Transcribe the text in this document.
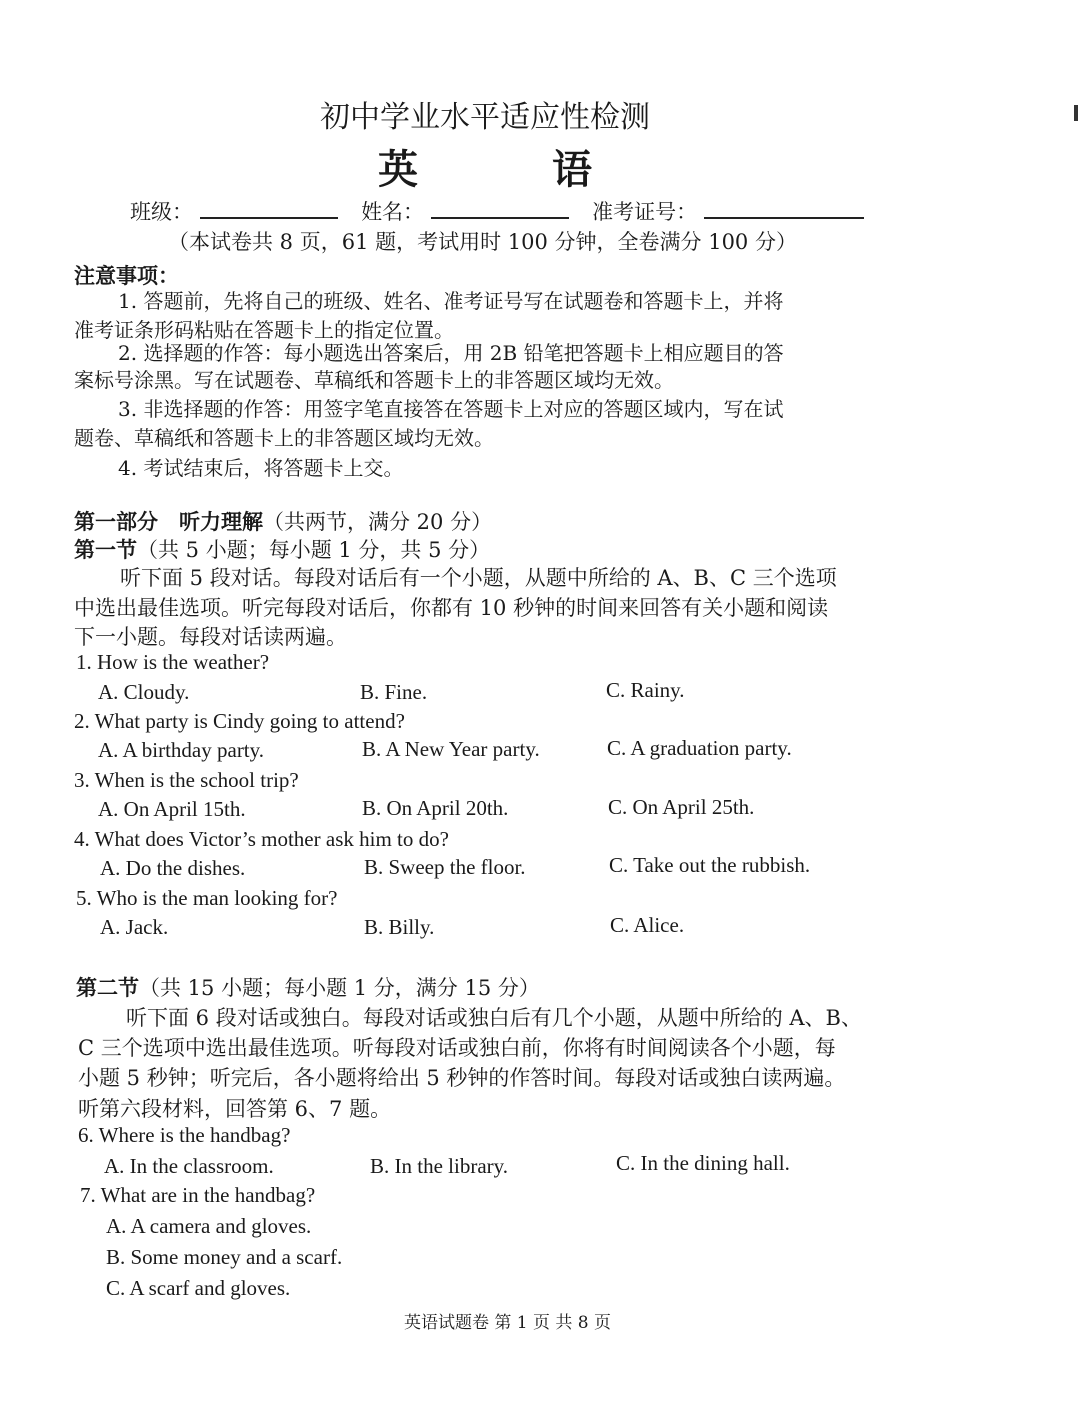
初中学业水平适应性检测
英 语
班级：	姓名：	准考证号：
（本试卷共 8 页，61 题，考试用时 100 分钟，全卷满分 100 分）
注意事项：
1. 答题前，先将自己的班级、姓名、准考证号写在试题卷和答题卡上，并将
准考证条形码粘贴在答题卡上的指定位置。
2. 选择题的作答：每小题选出答案后，用 2B 铅笔把答题卡上相应题目的答
案标号涂黑。写在试题卷、草稿纸和答题卡上的非答题区域均无效。
3. 非选择题的作答：用签字笔直接答在答题卡上对应的答题区域内，写在试
题卷、草稿纸和答题卡上的非答题区域均无效。
4. 考试结束后，将答题卡上交。
第一部分　听力理解（共两节，满分 20 分）
第一节（共 5 小题；每小题 1 分，共 5 分）
听下面 5 段对话。每段对话后有一个小题，从题中所给的 A、B、C 三个选项
中选出最佳选项。听完每段对话后，你都有 10 秒钟的时间来回答有关小题和阅读
下一小题。每段对话读两遍。
1. How is the weather?
A. Cloudy.	B. Fine.	C. Rainy.
2. What party is Cindy going to attend?
A. A birthday party.	B. A New Year party.	C. A graduation party.
3. When is the school trip?
A. On April 15th.	B. On April 20th.	C. On April 25th.
4. What does Victor’s mother ask him to do?
A. Do the dishes.	B. Sweep the floor.	C. Take out the rubbish.
5. Who is the man looking for?
A. Jack.	B. Billy.	C. Alice.
第二节（共 15 小题；每小题 1 分，满分 15 分）
听下面 6 段对话或独白。每段对话或独白后有几个小题，从题中所给的 A、B、
C 三个选项中选出最佳选项。听每段对话或独白前，你将有时间阅读各个小题，每
小题 5 秒钟；听完后，各小题将给出 5 秒钟的作答时间。每段对话或独白读两遍。
听第六段材料，回答第 6、7 题。
6. Where is the handbag?
A. In the classroom.	B. In the library.	C. In the dining hall.
7. What are in the handbag?
A. A camera and gloves.
B. Some money and a scarf.
C. A scarf and gloves.
英语试题卷 第 1 页 共 8 页
